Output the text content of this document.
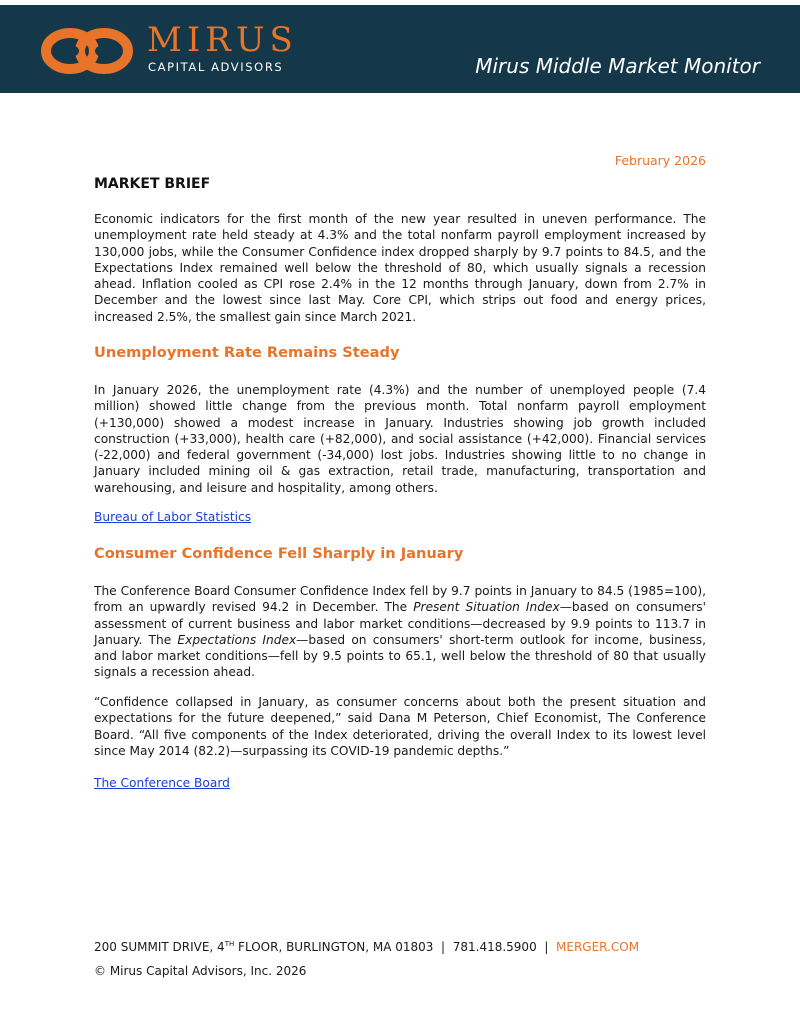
MIRUS
CAPITAL ADVISORS	Mirus Middle Market Monitor
February 2026
MARKET BRIEF

Economic indicators for the first month of the new year resulted in uneven performance. The unemployment rate held steady at 4.3% and the total nonfarm payroll employment increased by 130,000 jobs, while the Consumer Confidence index dropped sharply by 9.7 points to 84.5, and the Expectations Index remained well below the threshold of 80, which usually signals a recession ahead. Inflation cooled as CPI rose 2.4% in the 12 months through January, down from 2.7% in December and the lowest since last May. Core CPI, which strips out food and energy prices, increased 2.5%, the smallest gain since March 2021.

Unemployment Rate Remains Steady

In January 2026, the unemployment rate (4.3%) and the number of unemployed people (7.4 million) showed little change from the previous month. Total nonfarm payroll employment (+130,000) showed a modest increase in January. Industries showing job growth included construction (+33,000), health care (+82,000), and social assistance (+42,000). Financial services (-22,000) and federal government (-34,000) lost jobs. Industries showing little to no change in January included mining oil & gas extraction, retail trade, manufacturing, transportation and warehousing, and leisure and hospitality, among others.

Bureau of Labor Statistics
Consumer Confidence Fell Sharply in January

The Conference Board Consumer Confidence Index fell by 9.7 points in January to 84.5 (1985=100), from an upwardly revised 94.2 in December. The Present Situation Index—based on consumers' assessment of current business and labor market conditions—decreased by 9.9 points to 113.7 in January. The Expectations Index—based on consumers' short-term outlook for income, business, and labor market conditions—fell by 9.5 points to 65.1, well below the threshold of 80 that usually signals a recession ahead.

“Confidence collapsed in January, as consumer concerns about both the present situation and expectations for the future deepened,” said Dana M Peterson, Chief Economist, The Conference Board. “All five components of the Index deteriorated, driving the overall Index to its lowest level since May 2014 (82.2)—surpassing its COVID-19 pandemic depths.”

The Conference Board
200 SUMMIT DRIVE, 4TH FLOOR, BURLINGTON, MA 01803  |  781.418.5900  |  MERGER.COM
© Mirus Capital Advisors, Inc. 2026
